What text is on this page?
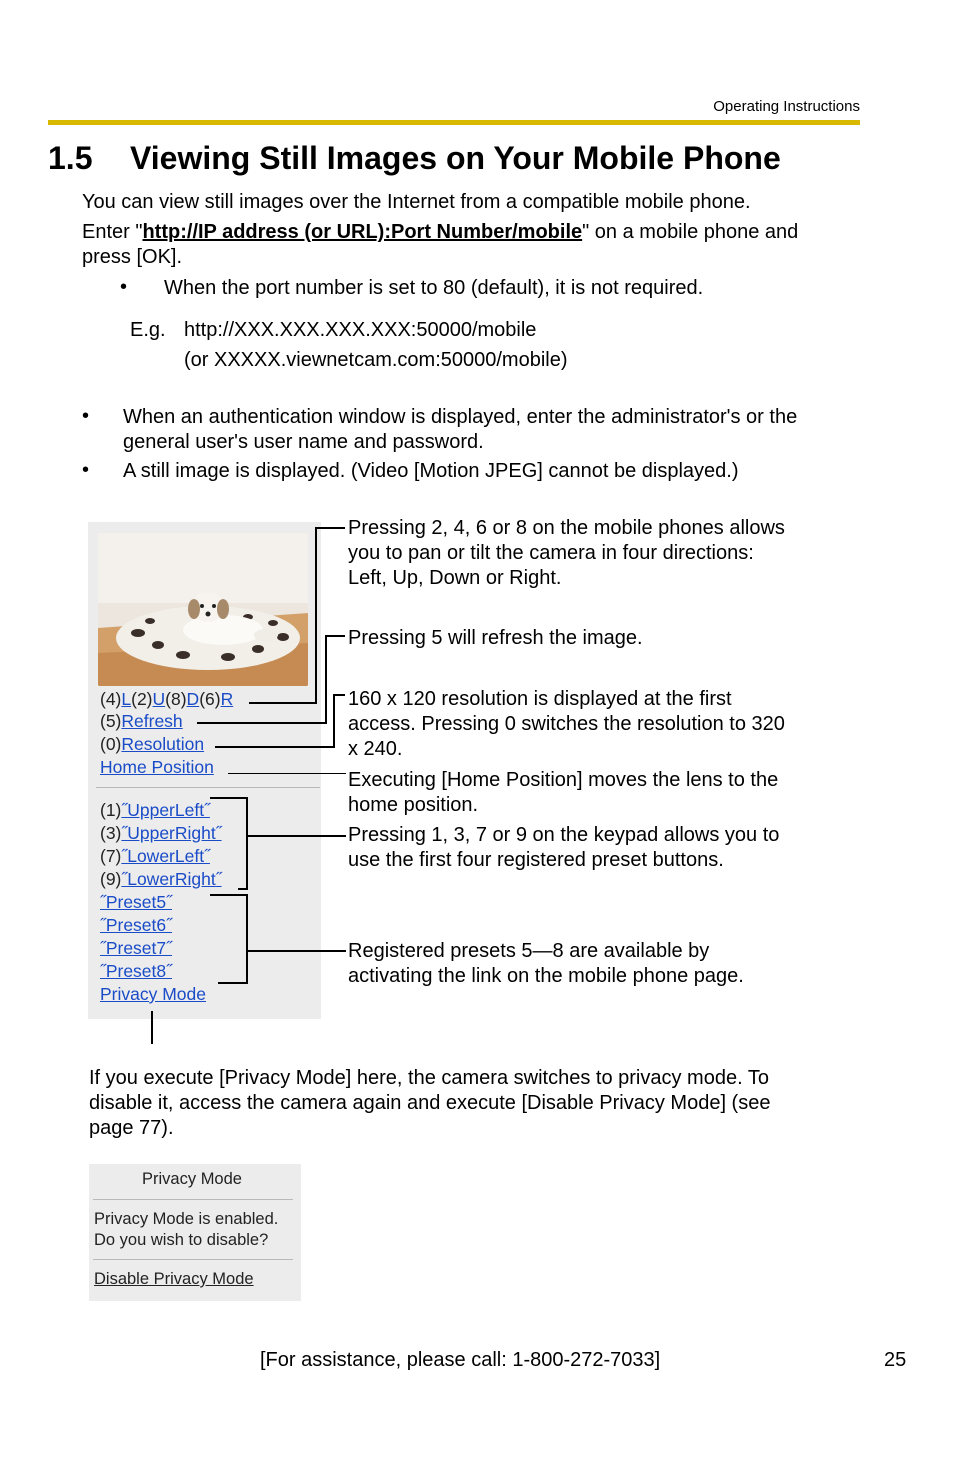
Operating Instructions
1.5 Viewing Still Images on Your Mobile Phone
You can view still images over the Internet from a compatible mobile phone.
Enter "http://IP address (or URL):Port Number/mobile" on a mobile phone and
press [OK].
• When the port number is set to 80 (default), it is not required.
E.g. http://XXX.XXX.XXX.XXX:50000/mobile
(or XXXXX.viewnetcam.com:50000/mobile)
• When an authentication window is displayed, enter the administrator's or the
general user's user name and password.
• A still image is displayed. (Video [Motion JPEG] cannot be displayed.)
(4)L(2)U(8)D(6)R
(5)Refresh
(0)Resolution
Home Position
(1)˝UpperLeft˝
(3)˝UpperRight˝
(7)˝LowerLeft˝
(9)˝LowerRight˝
˝Preset5˝
˝Preset6˝
˝Preset7˝
˝Preset8˝
Privacy Mode
Pressing 2, 4, 6 or 8 on the mobile phones allows
you to pan or tilt the camera in four directions:
Left, Up, Down or Right.
Pressing 5 will refresh the image.
160 x 120 resolution is displayed at the first
access. Pressing 0 switches the resolution to 320
x 240.
Executing [Home Position] moves the lens to the
home position.
Pressing 1, 3, 7 or 9 on the keypad allows you to
use the first four registered preset buttons.
Registered presets 5—8 are available by
activating the link on the mobile phone page.
If you execute [Privacy Mode] here, the camera switches to privacy mode. To
disable it, access the camera again and execute [Disable Privacy Mode] (see
page 77).
Privacy Mode
Privacy Mode is enabled.
Do you wish to disable?
Disable Privacy Mode
[For assistance, please call: 1-800-272-7033]	25
